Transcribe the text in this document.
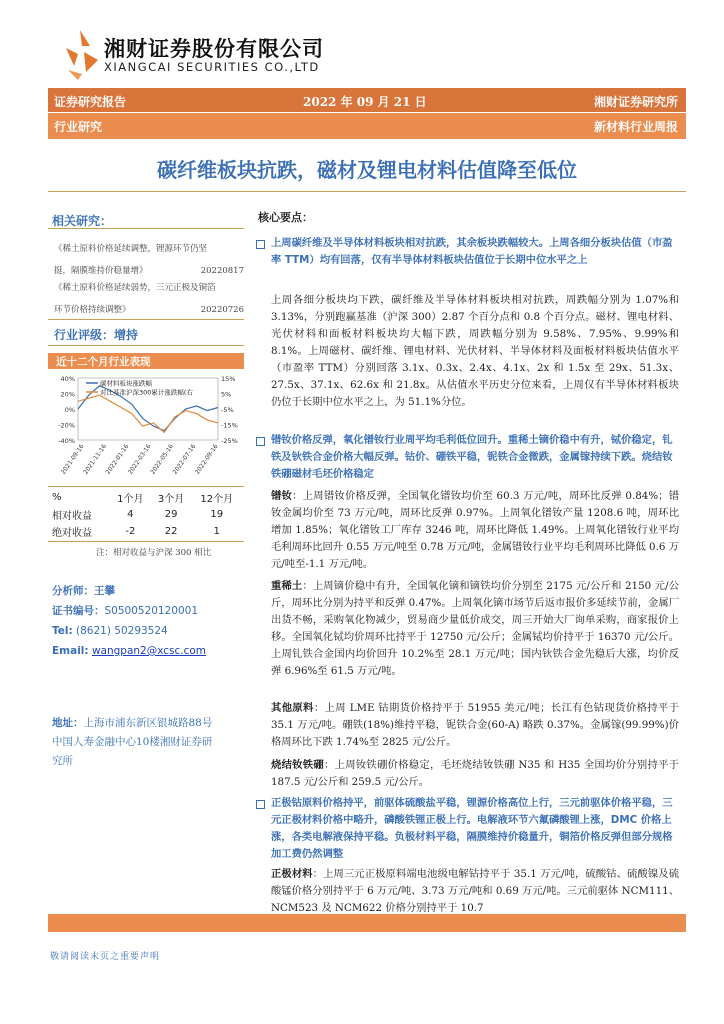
湘财证券股份有限公司
XIANGCAI SECURITIES CO.,LTD
证券研究报告	2022 年 09 月 21 日	湘财证券研究所
行业研究	新材料行业周报
碳纤维板块抗跌，磁材及锂电材料估值降至低位
相关研究：
《稀土原料价格延续调整，锂源环节仍坚
挺，隔膜维持价稳量增》	20220817
《稀土原料价格延续弱势，三元正极及铜箔
环节价格持续调整》	20220726
行业评级：增持
近十二个月行业表现
碳材料板块涨跌幅
对比基准沪深300累计涨跌幅(右
40%
20%
0%
-20%
-40%
15%
5%
-5%
-15%
-25%
2021-09-16
2021-11-16
2022-01-16
2022-03-16
2022-05-16
2022-07-16
2022-09-16
%	1个月	3个月	12个月
相对收益	4	29	19
绝对收益	-2	22	1
注：相对收益与沪深 300 相比
分析师：王攀
证书编号：S0500520120001
Tel: (8621) 50293524
Email: wangpan2@xcsc.com
地址：上海市浦东新区银城路88号
中国人寿金融中心10楼湘财证券研
究所
核心要点：
上周碳纤维及半导体材料板块相对抗跌，其余板块跌幅较大。上周各细分板块估值（市盈率 TTM）均有回落，仅有半导体材料板块估值位于长期中位水平之上
上周各细分板块均下跌，碳纤维及半导体材料板块相对抗跌，周跌幅分别为 1.07%和 3.13%，分别跑赢基准（沪深 300）2.87 个百分点和 0.8 个百分点。磁材、锂电材料、光伏材料和面板材料板块均大幅下跌，周跌幅分别为 9.58%、7.95%、9.99%和 8.1%。上周磁材、碳纤维、锂电材料、光伏材料、半导体材料及面板材料板块估值水平（市盈率 TTM）分别回落 3.1x、0.3x、2.4x、4.1x、2x 和 1.5x 至 29x、51.3x、27.5x、37.1x、62.6x 和 21.8x。从估值水平历史分位来看，上周仅有半导体材料板块仍位于长期中位水平之上，为 51.1%分位。
镨钕价格反弹，氧化镨钕行业周平均毛利低位回升。重稀土镝价稳中有升，铽价稳定，钆铁及钬铁合金价格大幅反弹。钴价、硼铁平稳，铌铁合金微跌，金属镓持续下跌。烧结钕铁硼磁材毛坯价格稳定
镨钕：上周镨钕价格反弹，全国氧化镨钕均价至 60.3 万元/吨，周环比反弹 0.84%；镨钕金属均价至 73 万元/吨，周环比反弹 0.97%。上周氧化镨钕产量 1208.6 吨，周环比增加 1.85%；氧化镨钕工厂库存 3246 吨，周环比降低 1.49%。上周氧化镨钕行业平均毛利周环比回升 0.55 万元/吨至 0.78 万元/吨，金属镨钕行业平均毛利周环比降低 0.6 万元/吨至-1.1 万元/吨。
重稀土：上周镝价稳中有升，全国氧化镝和镝铁均价分别至 2175 元/公斤和 2150 元/公斤，周环比分别为持平和反弹 0.47%。上周氧化镝市场节后返市报价多延续节前，金属厂出货不畅，采购氧化物减少，贸易商少量低价成交，周三开始大厂询单采购，商家报价上移。全国氧化铽均价周环比持平于 12750 元/公斤；金属铽均价持平于 16370 元/公斤。上周钆铁合金国内均价回升 10.2%至 28.1 万元/吨；国内钬铁合金先稳后大涨，均价反弹 6.96%至 61.5 万元/吨。
其他原料：上周 LME 钴期货价格持平于 51955 美元/吨；长江有色钴现货价格持平于 35.1 万元/吨。硼铁(18%)维持平稳，铌铁合金(60-A) 略跌 0.37%。金属镓(99.99%)价格周环比下跌 1.74%至 2825 元/公斤。
烧结钕铁硼：上周钕铁硼价格稳定，毛坯烧结钕铁硼 N35 和 H35 全国均价分别持平于 187.5 元/公斤和 259.5 元/公斤。
正极钴原料价格持平，前驱体硫酸盐平稳，锂源价格高位上行，三元前驱体价格平稳，三元正极材料价格中略升，磷酸铁锂正极上行。电解液环节六氟磷酸锂上涨，DMC 价格上涨，各类电解液保持平稳。负极材料平稳，隔膜维持价稳量升，铜箔价格反弹但部分规格加工费仍然调整
正极材料：上周三元正极原料端电池级电解钴持平于 35.1 万元/吨，硫酸钴、硫酸镍及硫酸锰价格分别持平于 6 万元/吨、3.73 万元/吨和 0.69 万元/吨。三元前驱体 NCM111、NCM523 及 NCM622 价格分别持平于 10.7
敬请阅读末页之重要声明
